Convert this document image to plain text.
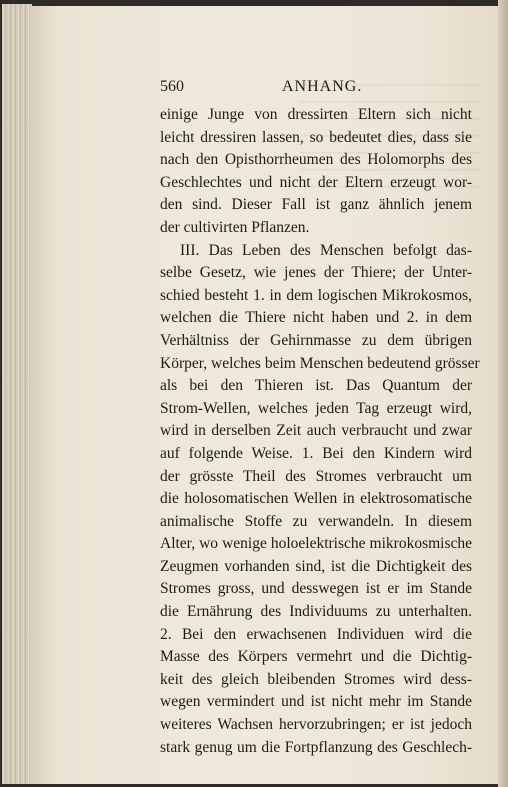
560	ANHANG.
einige Junge von dressirten Eltern sich nicht
leicht dressiren lassen, so bedeutet dies, dass sie
nach den Opisthorrheumen des Holomorphs des
Geschlechtes und nicht der Eltern erzeugt wor-
den sind. Dieser Fall ist ganz ähnlich jenem
der cultivirten Pflanzen.
III. Das Leben des Menschen befolgt das-
selbe Gesetz, wie jenes der Thiere; der Unter-
schied besteht 1. in dem logischen Mikrokosmos,
welchen die Thiere nicht haben und 2. in dem
Verhältniss der Gehirnmasse zu dem übrigen
Körper, welches beim Menschen bedeutend grösser
als bei den Thieren ist. Das Quantum der
Strom-Wellen, welches jeden Tag erzeugt wird,
wird in derselben Zeit auch verbraucht und zwar
auf folgende Weise. 1. Bei den Kindern wird
der grösste Theil des Stromes verbraucht um
die holosomatischen Wellen in elektrosomatische
animalische Stoffe zu verwandeln. In diesem
Alter, wo wenige holoelektrische mikrokosmische
Zeugmen vorhanden sind, ist die Dichtigkeit des
Stromes gross, und desswegen ist er im Stande
die Ernährung des Individuums zu unterhalten.
2. Bei den erwachsenen Individuen wird die
Masse des Körpers vermehrt und die Dichtig-
keit des gleich bleibenden Stromes wird dess-
wegen vermindert und ist nicht mehr im Stande
weiteres Wachsen hervorzubringen; er ist jedoch
stark genug um die Fortpflanzung des Geschlech-
